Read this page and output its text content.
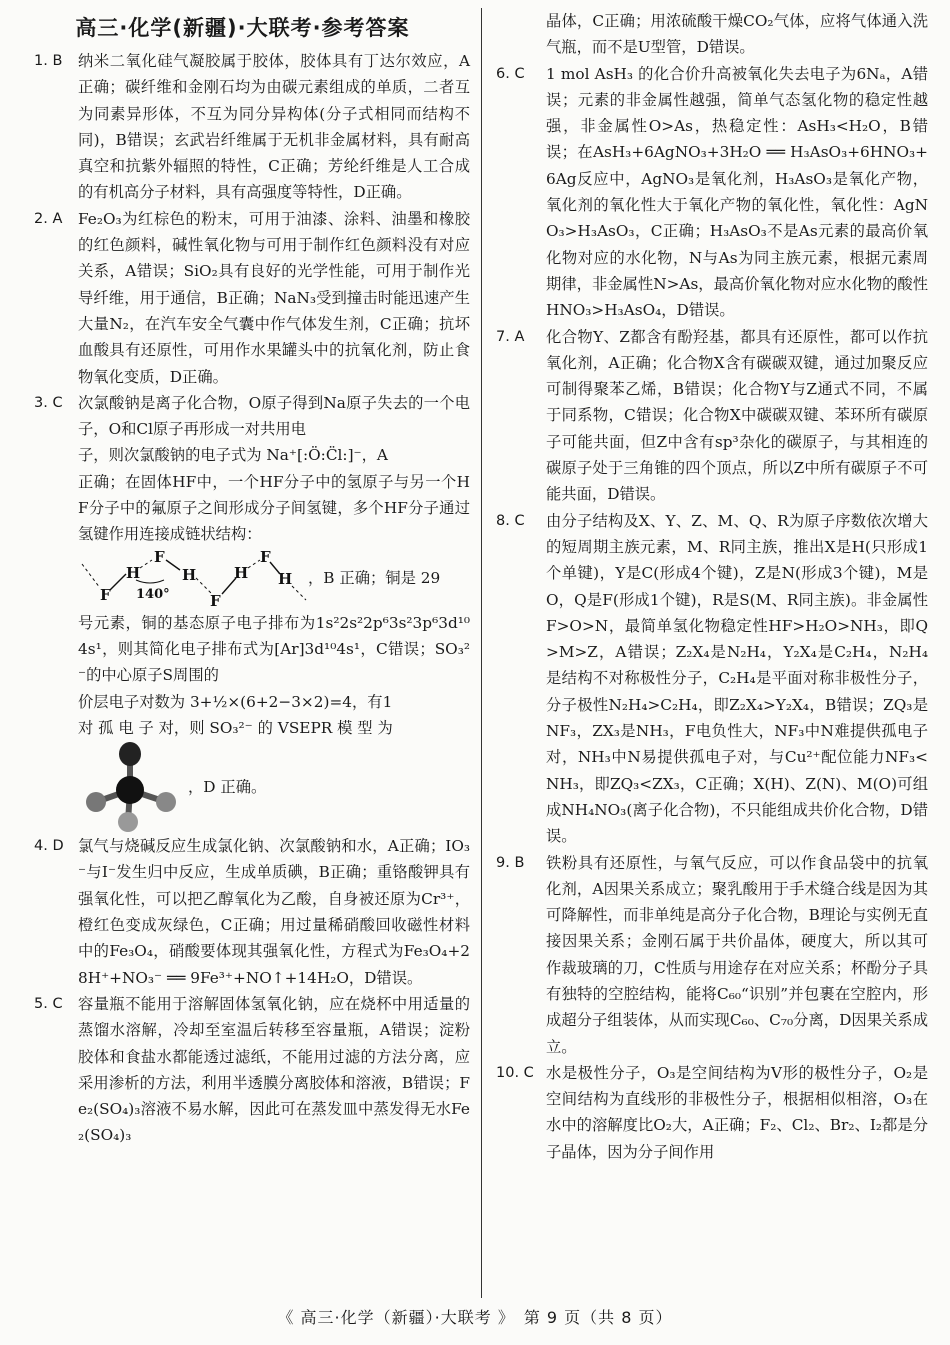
高三·化学(新疆)·大联考·参考答案
1. B	纳米二氧化硅气凝胶属于胶体，胶体具有丁达尔效应，A正确；碳纤维和金刚石均为由碳元素组成的单质，二者互为同素异形体，不互为同分异构体(分子式相同而结构不同)，B错误；玄武岩纤维属于无机非金属材料，具有耐高真空和抗紫外辐照的特性，C正确；芳纶纤维是人工合成的有机高分子材料，具有高强度等特性，D正确。
2. A	Fe₂O₃为红棕色的粉末，可用于油漆、涂料、油墨和橡胶的红色颜料，碱性氧化物与可用于制作红色颜料没有对应关系，A错误；SiO₂具有良好的光学性能，可用于制作光导纤维，用于通信，B正确；NaN₃受到撞击时能迅速产生大量N₂，在汽车安全气囊中作气体发生剂，C正确；抗坏血酸具有还原性，可用作水果罐头中的抗氧化剂，防止食物氧化变质，D正确。
3. C	次氯酸钠是离子化合物，O原子得到Na原子失去的一个电子，O和Cl原子再形成一对共用电
子，则次氯酸钠的电子式为 Na⁺[:Ö:C̈l:]⁻，A
正确；在固体HF中，一个HF分子中的氢原子与另一个HF分子中的氟原子之间形成分子间氢键，多个HF分子通过氢键作用连接成链状结构：
F
H
F
H
F
H
F
H
140°
，B 正确；铜是 29
号元素，铜的基态原子电子排布为1s²2s²2p⁶3s²3p⁶3d¹⁰4s¹，则其简化电子排布式为[Ar]3d¹⁰4s¹，C错误；SO₃²⁻的中心原子S周围的
价层电子对数为 3+½×(6+2−3×2)=4，有1
对 孤 电 子 对，则 SO₃²⁻ 的 VSEPR 模 型 为
，D 正确。
4. D 氯气与烧碱反应生成氯化钠、次氯酸钠和水，A正确；IO₃⁻与I⁻发生归中反应，生成单质碘，B正确；重铬酸钾具有强氧化性，可以把乙醇氧化为乙酸，自身被还原为Cr³⁺，橙红色变成灰绿色，C正确；用过量稀硝酸回收磁性材料中的Fe₃O₄，硝酸要体现其强氧化性，方程式为Fe₃O₄+28H⁺+NO₃⁻ ══ 9Fe³⁺+NO↑+14H₂O，D错误。
5. C	容量瓶不能用于溶解固体氢氧化钠，应在烧杯中用适量的蒸馏水溶解，冷却至室温后转移至容量瓶，A错误；淀粉胶体和食盐水都能透过滤纸，不能用过滤的方法分离，应采用渗析的方法，利用半透膜分离胶体和溶液，B错误；Fe₂(SO₄)₃溶液不易水解，因此可在蒸发皿中蒸发得无水Fe₂(SO₄)₃
晶体，C正确；用浓硫酸干燥CO₂气体，应将气体通入洗气瓶，而不是U型管，D错误。
6. C	1 mol AsH₃ 的化合价升高被氧化失去电子为6Nₐ，A错误；元素的非金属性越强，简单气态氢化物的稳定性越强，非金属性O>As，热稳定性：AsH₃<H₂O，B错误；在AsH₃+6AgNO₃+3H₂O ══ H₃AsO₃+6HNO₃+6Ag反应中，AgNO₃是氧化剂，H₃AsO₃是氧化产物，氧化剂的氧化性大于氧化产物的氧化性，氧化性：AgNO₃>H₃AsO₃，C正确；H₃AsO₃不是As元素的最高价氧化物对应的水化物，N与As为同主族元素，根据元素周期律，非金属性N>As，最高价氧化物对应水化物的酸性HNO₃>H₃AsO₄，D错误。
7. A	化合物Y、Z都含有酚羟基，都具有还原性，都可以作抗氧化剂，A正确；化合物X含有碳碳双键，通过加聚反应可制得聚苯乙烯，B错误；化合物Y与Z通式不同，不属于同系物，C错误；化合物X中碳碳双键、苯环所有碳原子可能共面，但Z中含有sp³杂化的碳原子，与其相连的碳原子处于三角锥的四个顶点，所以Z中所有碳原子不可能共面，D错误。
8. C	由分子结构及X、Y、Z、M、Q、R为原子序数依次增大的短周期主族元素，M、R同主族，推出X是H(只形成1个单键)，Y是C(形成4个键)，Z是N(形成3个键)，M是O，Q是F(形成1个键)，R是S(M、R同主族)。非金属性F>O>N，最简单氢化物稳定性HF>H₂O>NH₃，即Q>M>Z，A错误；Z₂X₄是N₂H₄，Y₂X₄是C₂H₄，N₂H₄是结构不对称极性分子，C₂H₄是平面对称非极性分子，分子极性N₂H₄>C₂H₄，即Z₂X₄>Y₂X₄，B错误；ZQ₃是NF₃，ZX₃是NH₃，F电负性大，NF₃中N难提供孤电子对，NH₃中N易提供孤电子对，与Cu²⁺配位能力NF₃<NH₃，即ZQ₃<ZX₃，C正确；X(H)、Z(N)、M(O)可组成NH₄NO₃(离子化合物)，不只能组成共价化合物，D错误。
9. B	铁粉具有还原性，与氧气反应，可以作食品袋中的抗氧化剂，A因果关系成立；聚乳酸用于手术缝合线是因为其可降解性，而非单纯是高分子化合物，B理论与实例无直接因果关系；金刚石属于共价晶体，硬度大，所以其可作裁玻璃的刀，C性质与用途存在对应关系；杯酚分子具有独特的空腔结构，能将C₆₀“识别”并包裹在空腔内，形成超分子组装体，从而实现C₆₀、C₇₀分离，D因果关系成立。
10. C 水是极性分子，O₃是空间结构为V形的极性分子，O₂是空间结构为直线形的非极性分子，根据相似相溶，O₃在水中的溶解度比O₂大，A正确；F₂、Cl₂、Br₂、I₂都是分子晶体，因为分子间作用
《 高三·化学（新疆）·大联考 》　第 9 页（共 8 页）
